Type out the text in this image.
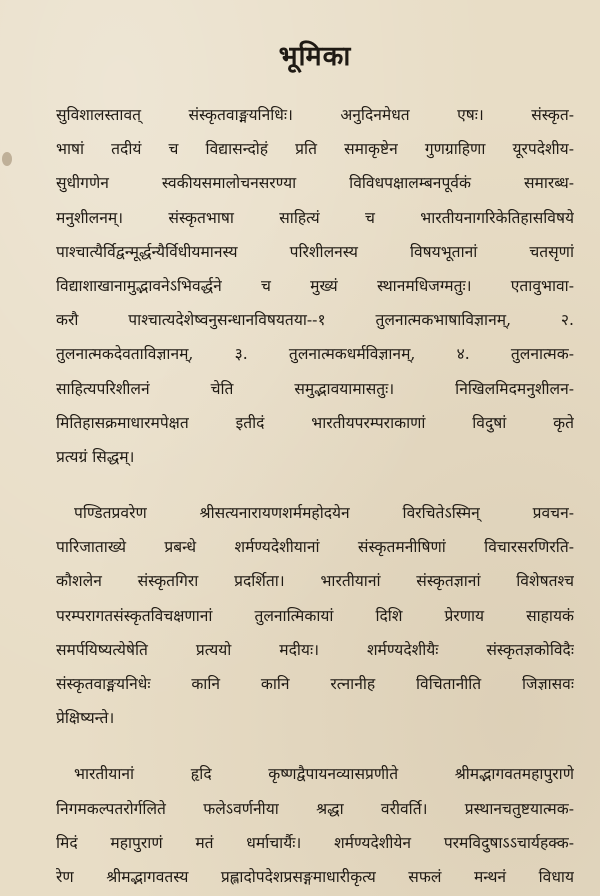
भूमिका
सुविशालस्तावत् संस्कृतवाङ्मयनिधिः। अनुदिनमेधत एषः। संस्कृत-
भाषां तदीयं च विद्यासन्दोहं प्रति समाकृष्टेन गुणग्राहिणा यूरपदेशीय-
सुधीगणेन स्वकीयसमालोचनसरण्या विविधपक्षालम्बनपूर्वकं समारब्ध-
मनुशीलनम्। संस्कृतभाषा साहित्यं च भारतीयनागरिकेतिहासविषये
पाश्चात्यैर्विद्वन्मूर्द्धन्यैर्विधीयमानस्य परिशीलनस्य विषयभूतानां चतसृणां
विद्याशाखानामुद्भावनेऽभिवर्द्धने च मुख्यं स्थानमधिजग्मतुः। एतावुभावा-
करौ पाश्चात्यदेशेष्वनुसन्धानविषयतया--१ तुलनात्मकभाषाविज्ञानम्, २.
तुलनात्मकदेवताविज्ञानम्, ३. तुलनात्मकधर्मविज्ञानम्, ४. तुलनात्मक-
साहित्यपरिशीलनं चेति समुद्भावयामासतुः। निखिलमिदमनुशीलन-
मितिहासक्रमाधारमपेक्षत इतीदं भारतीयपरम्पराकाणां विदुषां कृते
प्रत्यग्रं सिद्धम्।
पण्डितप्रवरेण श्रीसत्यनारायणशर्ममहोदयेन विरचितेऽस्मिन् प्रवचन-
पारिजाताख्ये प्रबन्धे शर्मण्यदेशीयानां संस्कृतमनीषिणां विचारसरणिरति-
कौशलेन संस्कृतगिरा प्रदर्शिता। भारतीयानां संस्कृतज्ञानां विशेषतश्च
परम्परागतसंस्कृतविचक्षणानां तुलनात्मिकायां दिशि प्रेरणाय साहायकं
समर्पयिष्यत्येषेति प्रत्ययो मदीयः। शर्मण्यदेशीयैः संस्कृतज्ञकोविदैः
संस्कृतवाङ्मयनिधेः कानि कानि रत्नानीह विचितानीति जिज्ञासवः
प्रेक्षिष्यन्ते।
भारतीयानां हृदि कृष्णद्वैपायनव्यासप्रणीते श्रीमद्भागवतमहापुराणे
निगमकल्पतरोर्गलिते फलेऽवर्णनीया श्रद्धा वरीवर्ति। प्रस्थानचतुष्टयात्मक-
मिदं महापुराणं मतं धर्माचार्यैः। शर्मण्यदेशीयेन परमविदुषाऽऽचार्यहक्क-
रेण श्रीमद्भागवतस्य प्रह्लादोपदेशप्रसङ्गमाधारीकृत्य सफलं मन्थनं विधाय
